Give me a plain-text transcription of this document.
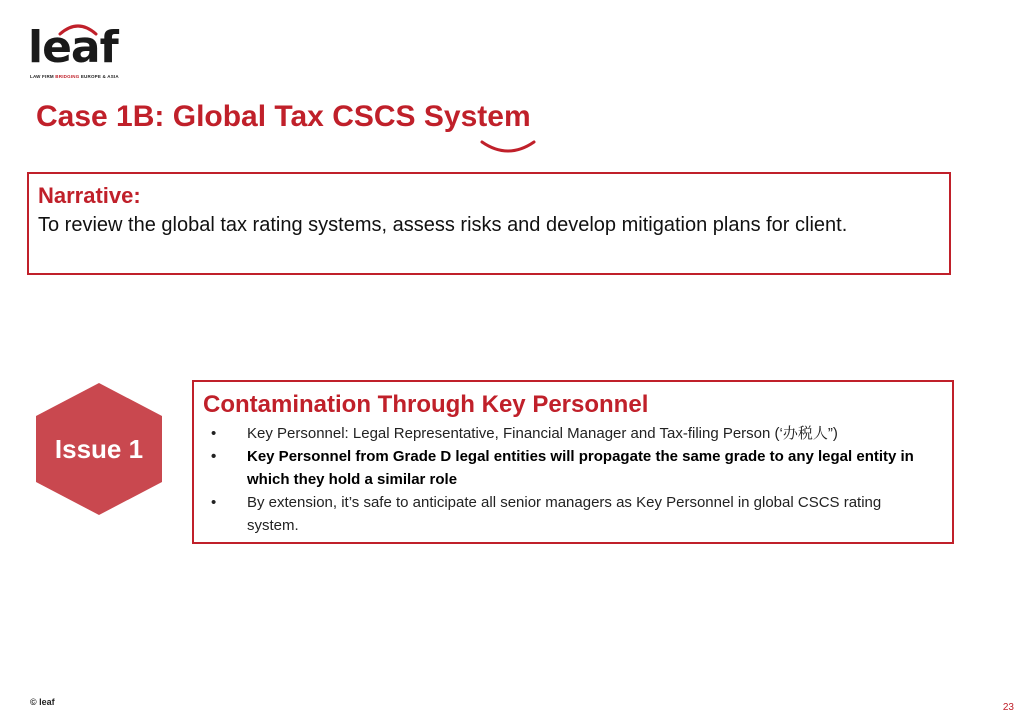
leaf
LAW FIRM BRIDGING EUROPE & ASIA
Case 1B: Global Tax CSCS System
Narrative:
To review the global tax rating systems, assess risks and develop mitigation plans for client.
Issue 1
Contamination Through Key Personnel
• Key Personnel: Legal Representative, Financial Manager and Tax-filing Person (‘办税人”)
• Key Personnel from Grade D legal entities will propagate the same grade to any legal entity in which they hold a similar role
• By extension, it’s safe to anticipate all senior managers as Key Personnel in global CSCS rating system.
© leaf	23
